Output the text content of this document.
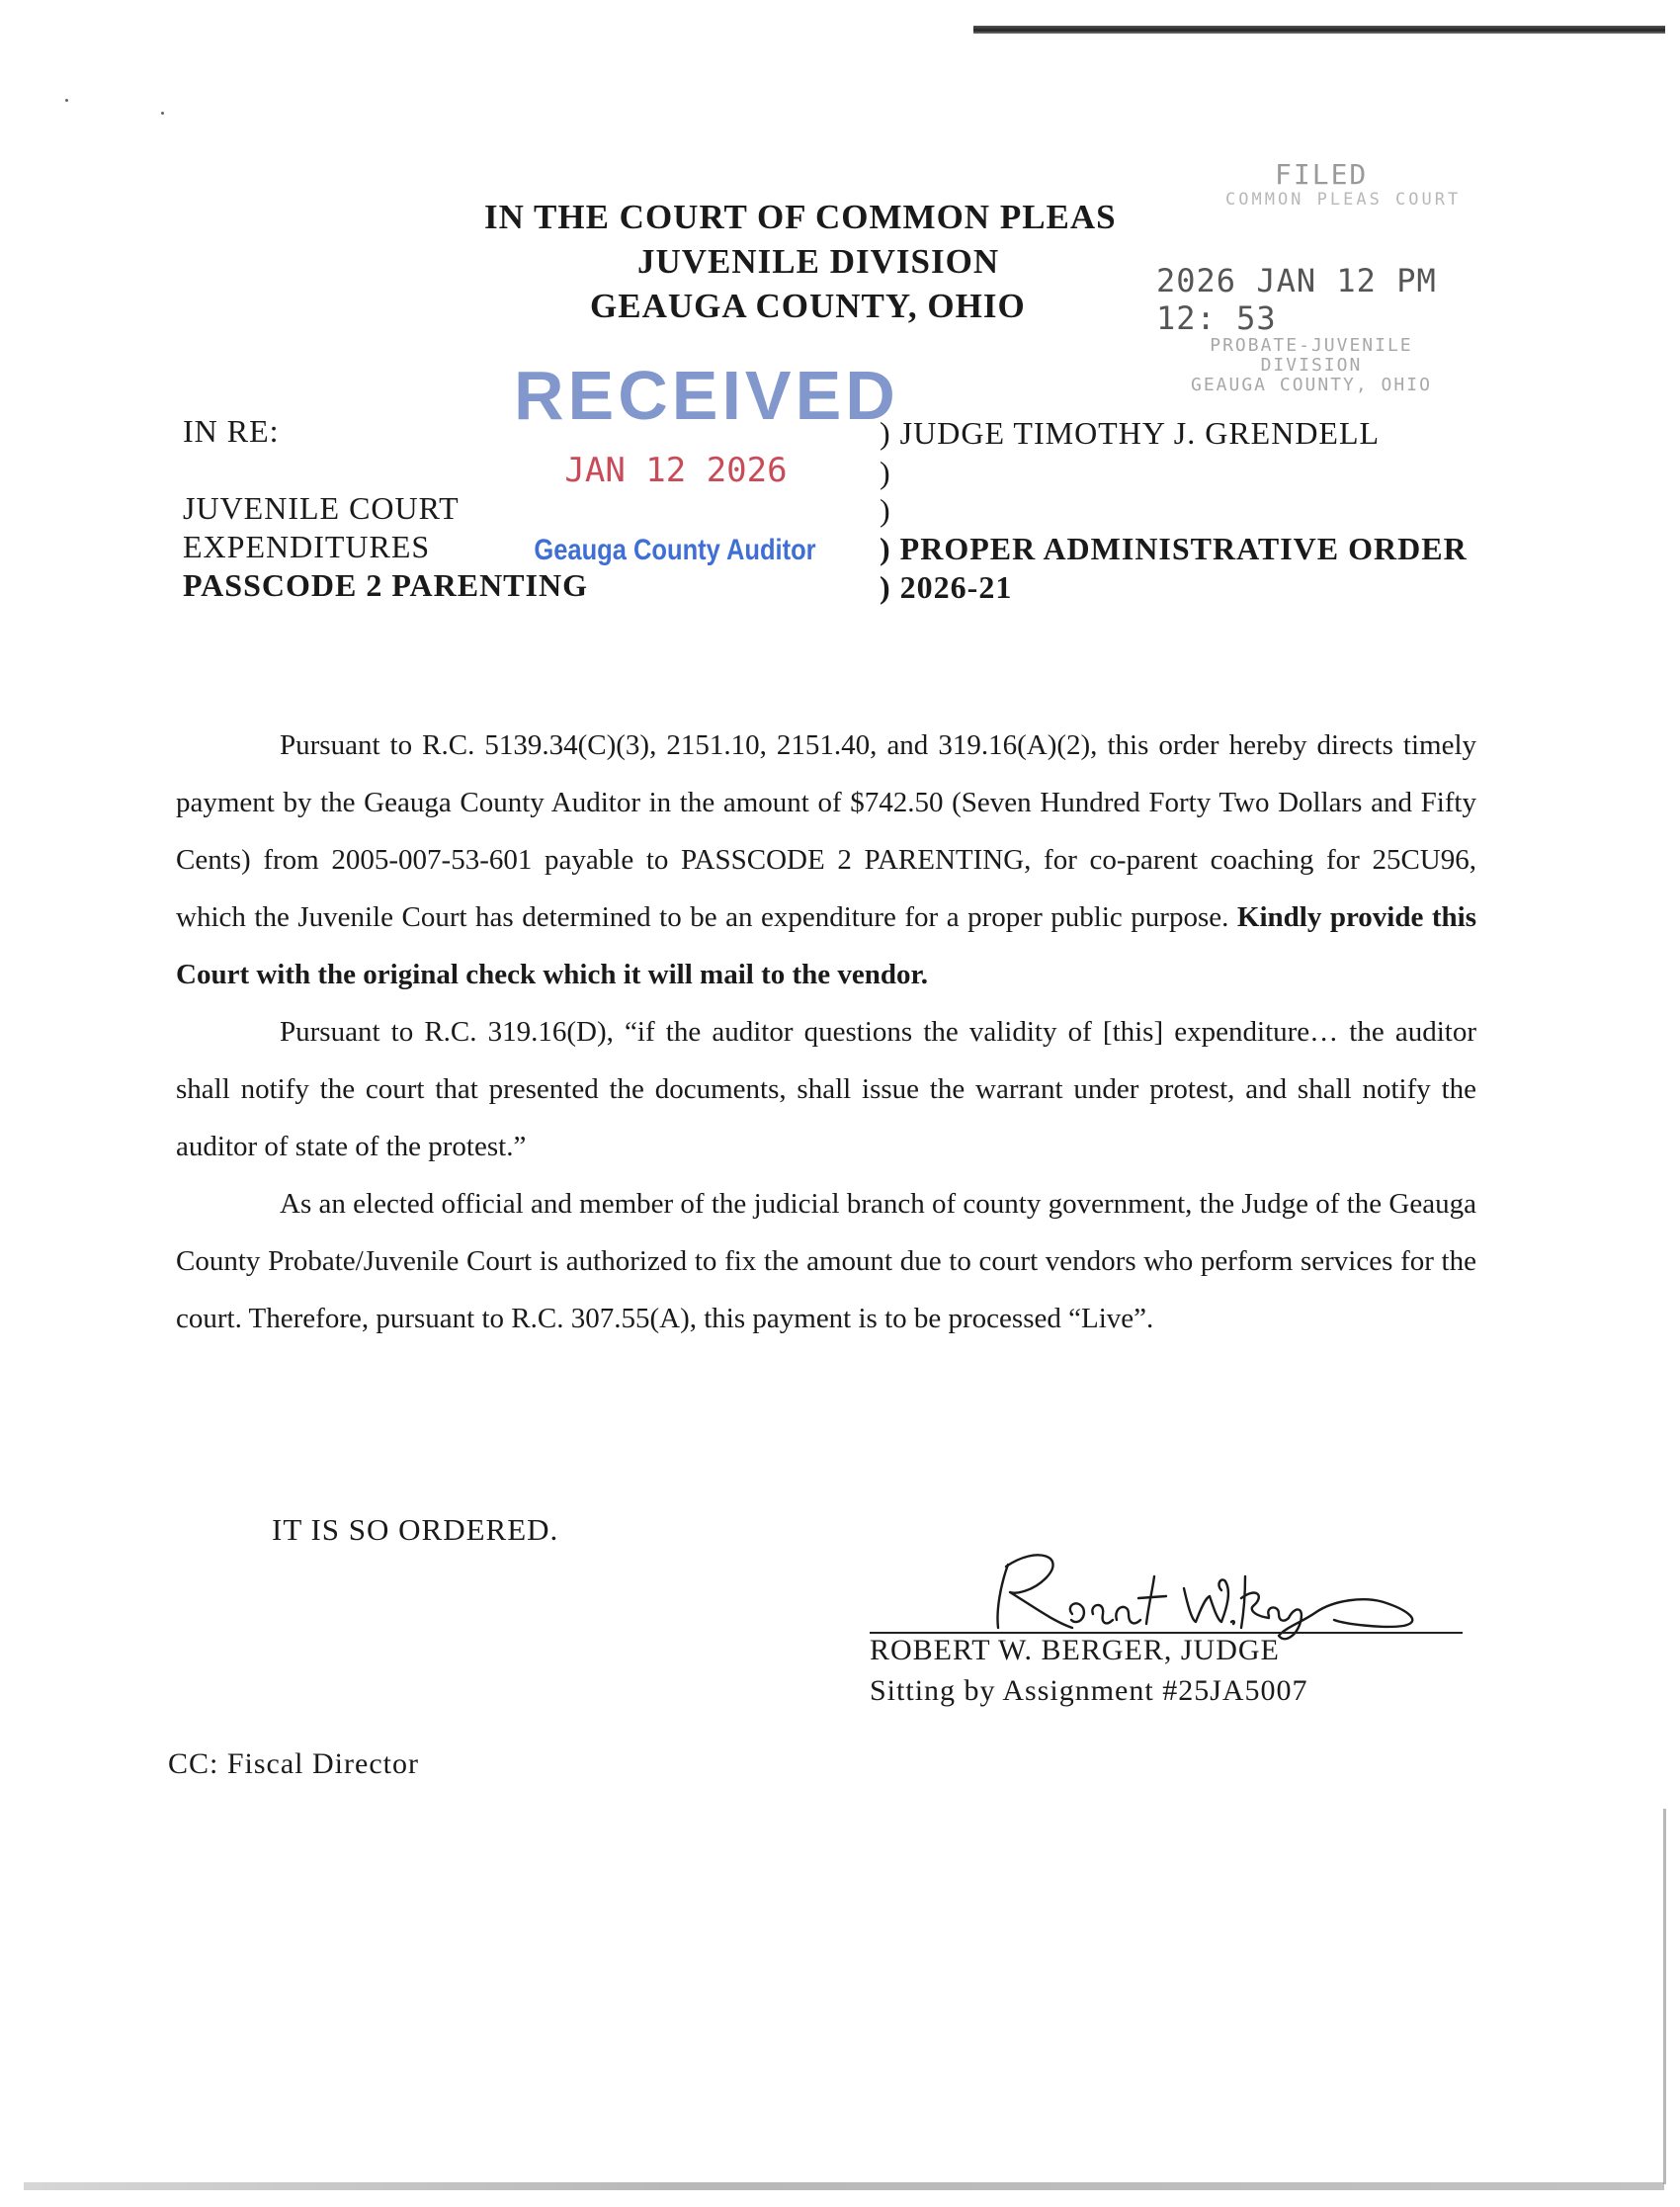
IN THE COURT OF COMMON PLEAS
JUVENILE DIVISION
GEAUGA COUNTY, OHIO
FILED
COMMON PLEAS COURT
2026 JAN 12 PM 12: 53
PROBATE-JUVENILE
DIVISION
GEAUGA COUNTY, OHIO
RECEIVED
JAN 12 2026
Geauga County Auditor
IN RE:
JUVENILE COURT
EXPENDITURES
PASSCODE 2 PARENTING
) JUDGE TIMOTHY J. GRENDELL
)
)
) PROPER ADMINISTRATIVE ORDER
) 2026-21

Pursuant to R.C. 5139.34(C)(3), 2151.10, 2151.40, and 319.16(A)(2), this order hereby directs timely payment by the Geauga County Auditor in the amount of $742.50 (Seven Hundred Forty Two Dollars and Fifty Cents) from 2005-007-53-601 payable to PASSCODE 2 PARENTING, for co-parent coaching for 25CU96, which the Juvenile Court has determined to be an expenditure for a proper public purpose. Kindly provide this Court with the original check which it will mail to the vendor.

Pursuant to R.C. 319.16(D), “if the auditor questions the validity of [this] expenditure… the auditor shall notify the court that presented the documents, shall issue the warrant under protest, and shall notify the auditor of state of the protest.”

As an elected official and member of the judicial branch of county government, the Judge of the Geauga County Probate/Juvenile Court is authorized to fix the amount due to court vendors who perform services for the court. Therefore, pursuant to R.C. 307.55(A), this payment is to be processed “Live”.

IT IS SO ORDERED.
ROBERT W. BERGER, JUDGE
Sitting by Assignment #25JA5007
CC: Fiscal Director
